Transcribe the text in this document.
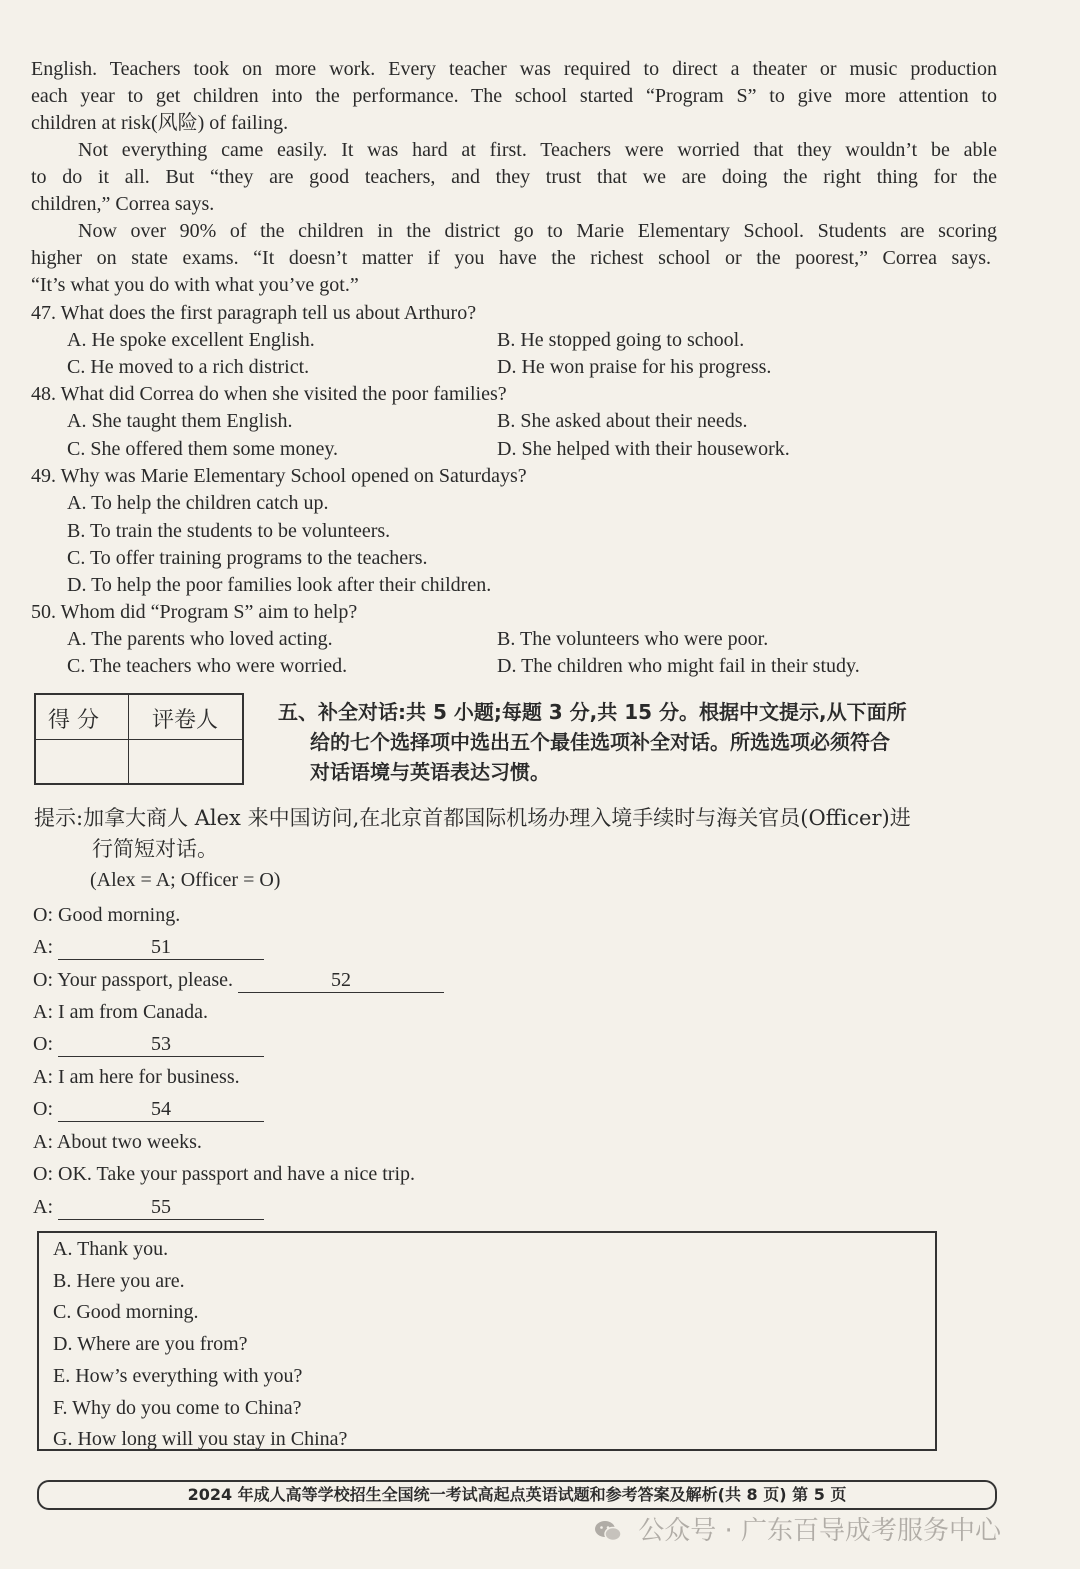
English. Teachers took on more work. Every teacher was required to direct a theater or music production
each year to get children into the performance. The school started “Program S” to give more attention to
children at risk(风险) of failing.
Not everything came easily. It was hard at first. Teachers were worried that they wouldn’t be able
to do it all. But “they are good teachers, and they trust that we are doing the right thing for the
children,” Correa says.
Now over 90% of the children in the district go to Marie Elementary School. Students are scoring
higher on state exams. “It doesn’t matter if you have the richest school or the poorest,” Correa says.
“It’s what you do with what you’ve got.”
47. What does the first paragraph tell us about Arthuro?
A. He spoke excellent English.	B. He stopped going to school.
C. He moved to a rich district.	D. He won praise for his progress.
48. What did Correa do when she visited the poor families?
A. She taught them English.	B. She asked about their needs.
C. She offered them some money.	D. She helped with their housework.
49. Why was Marie Elementary School opened on Saturdays?
A. To help the children catch up.
B. To train the students to be volunteers.
C. To offer training programs to the teachers.
D. To help the poor families look after their children.
50. Whom did “Program S” aim to help?
A. The parents who loved acting.	B. The volunteers who were poor.
C. The teachers who were worried.	D. The children who might fail in their study.
得 分 评卷人	五、补全对话:共 5 小题;每题 3 分,共 15 分。根据中文提示,从下面所
给的七个选择项中选出五个最佳选项补全对话。所选选项必须符合
对话语境与英语表达习惯。
提示:加拿大商人 Alex 来中国访问,在北京首都国际机场办理入境手续时与海关官员(Officer)进
行简短对话。
(Alex = A; Officer = O)
O: Good morning.
A:	51
O: Your passport, please.	52
A: I am from Canada.
O:	53
A: I am here for business.
O:	54
A: About two weeks.
O: OK. Take your passport and have a nice trip.
A:	55
A. Thank you.
B. Here you are.
C. Good morning.
D. Where are you from?
E. How’s everything with you?
F. Why do you come to China?
G. How long will you stay in China?
2024 年成人高等学校招生全国统一考试高起点英语试题和参考答案及解析(共 8 页) 第 5 页
公众号 · 广东百导成考服务中心
